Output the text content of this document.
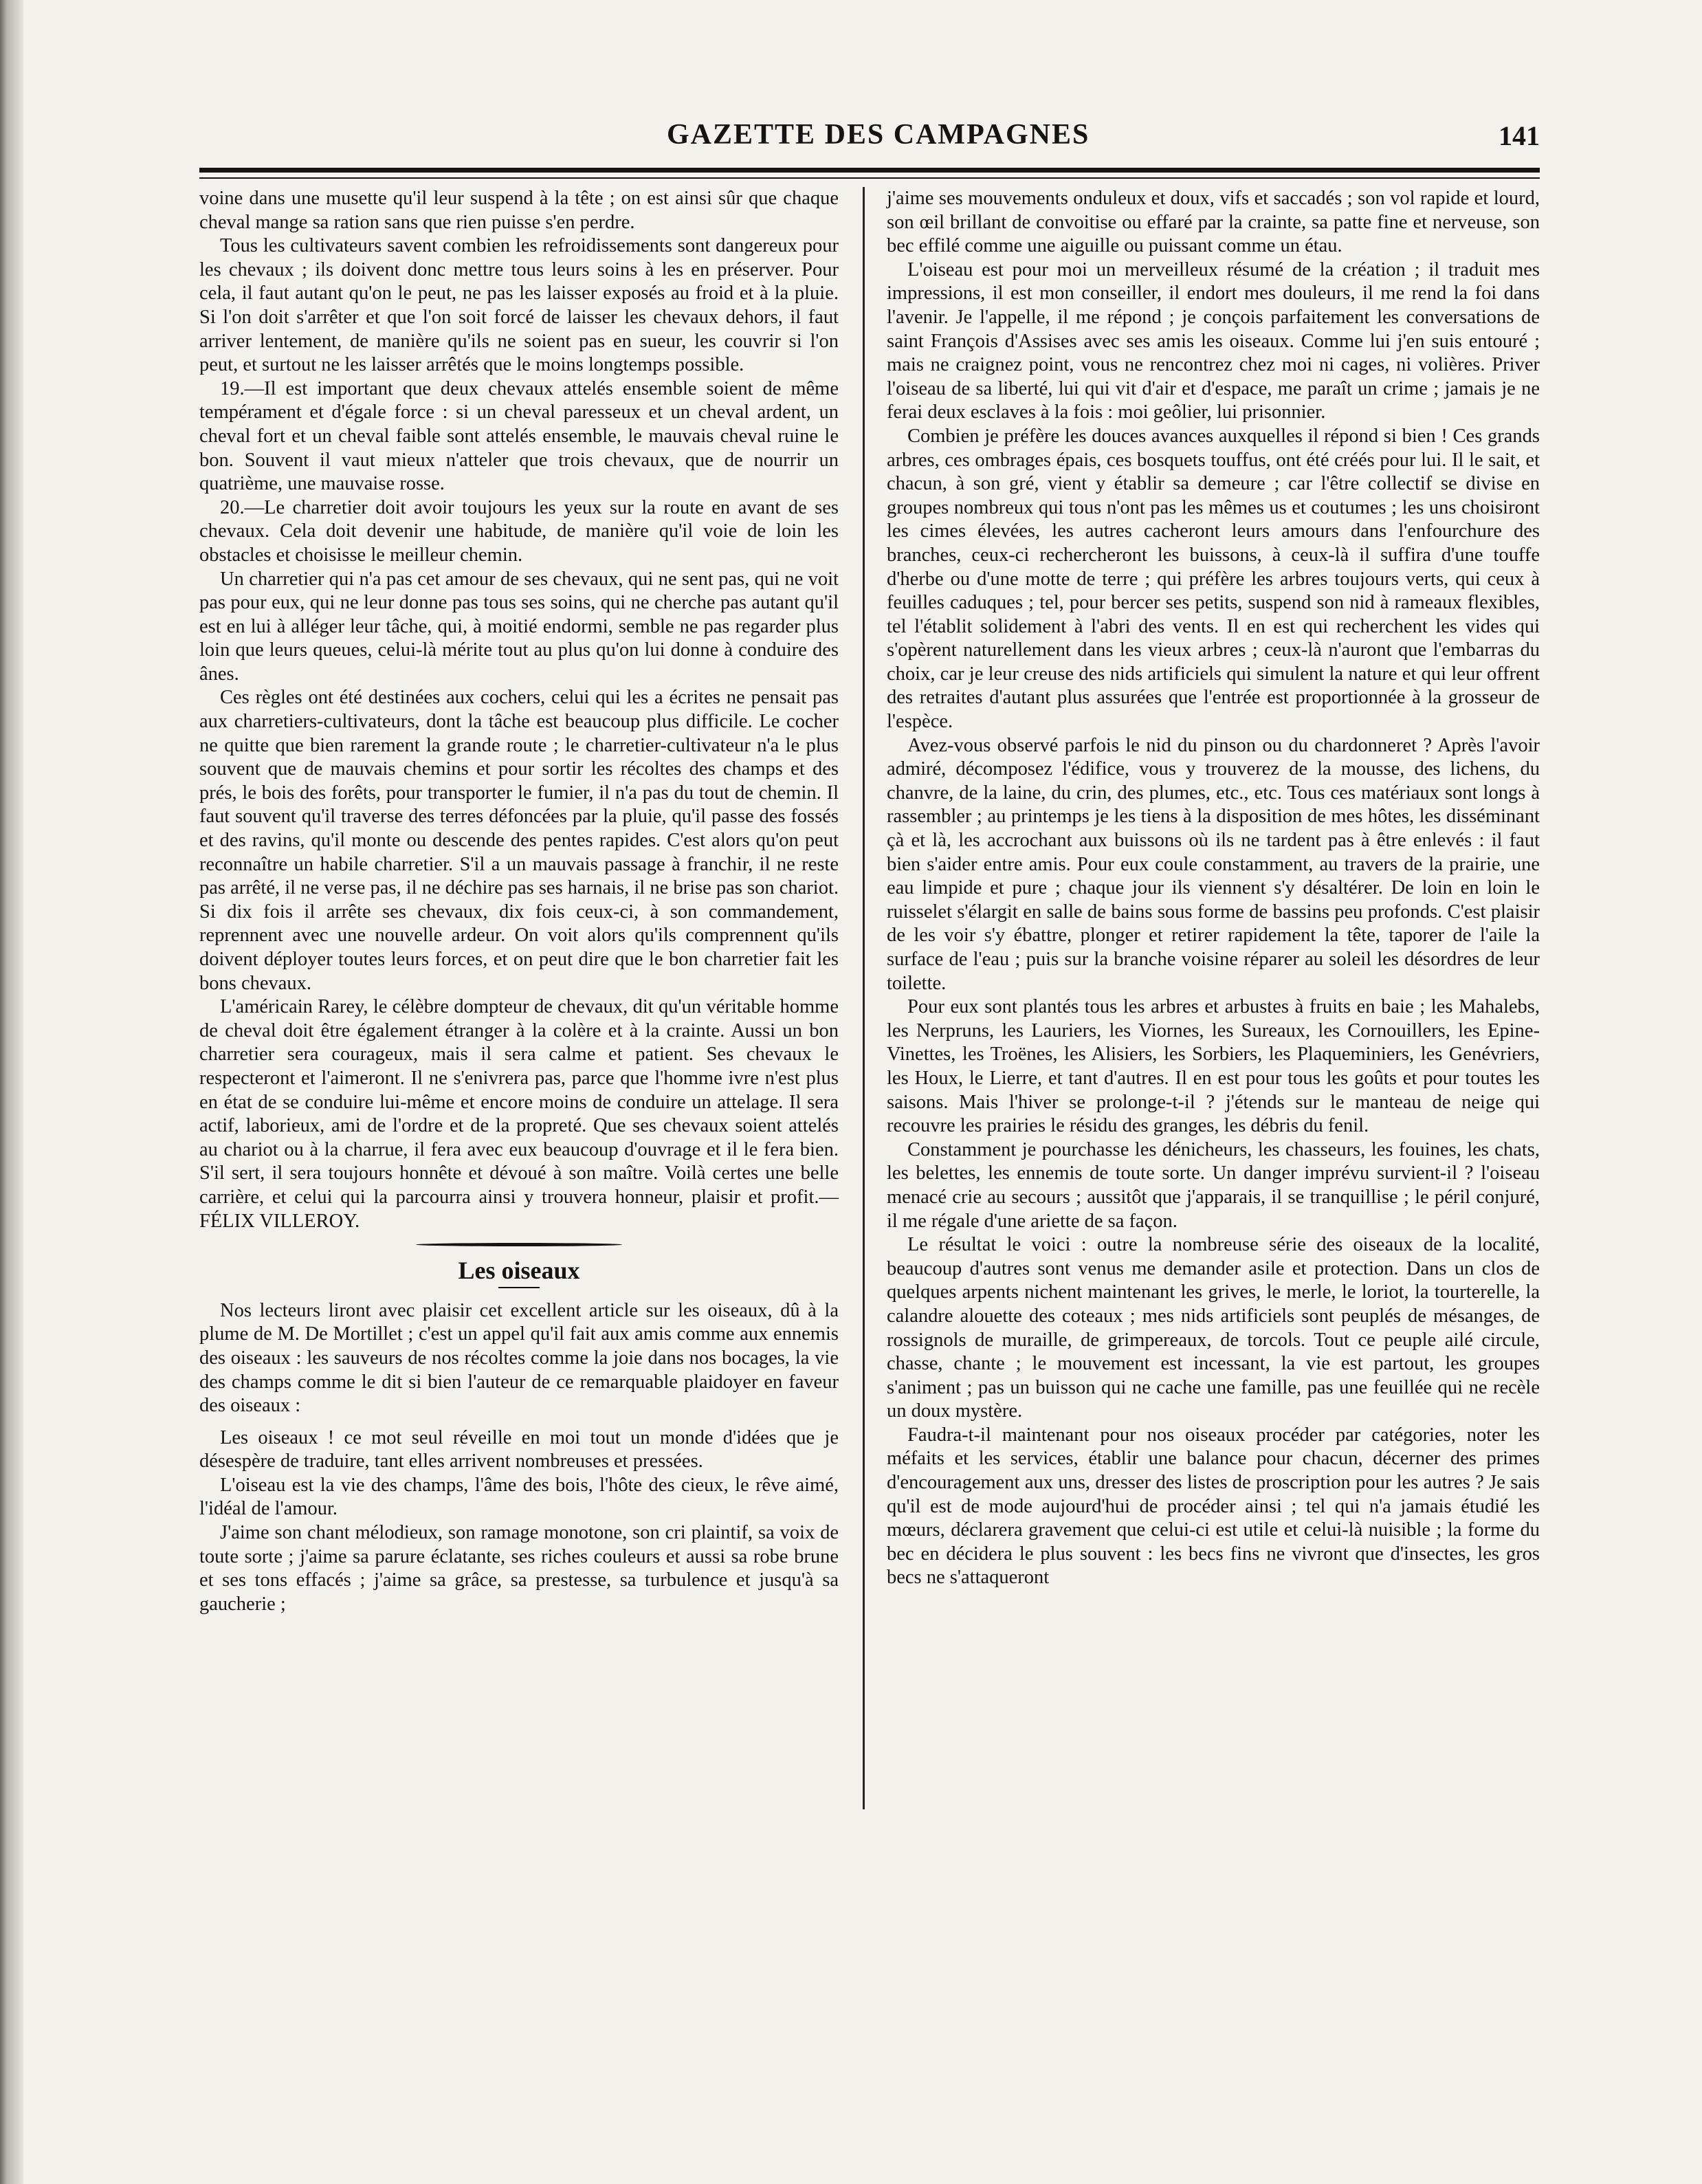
GAZETTE DES CAMPAGNES	141

voine dans une musette qu'il leur suspend à la tête ; on est ainsi sûr que chaque cheval mange sa ration sans que rien puisse s'en perdre.

Tous les cultivateurs savent combien les refroidissements sont dangereux pour les chevaux ; ils doivent donc mettre tous leurs soins à les en préserver. Pour cela, il faut autant qu'on le peut, ne pas les laisser exposés au froid et à la pluie. Si l'on doit s'arrêter et que l'on soit forcé de laisser les chevaux dehors, il faut arriver lentement, de manière qu'ils ne soient pas en sueur, les couvrir si l'on peut, et surtout ne les laisser arrêtés que le moins longtemps possible.

19.—Il est important que deux chevaux attelés ensemble soient de même tempérament et d'égale force : si un cheval paresseux et un cheval ardent, un cheval fort et un cheval faible sont attelés ensemble, le mauvais cheval ruine le bon. Souvent il vaut mieux n'atteler que trois chevaux, que de nourrir un quatrième, une mauvaise rosse.

20.—Le charretier doit avoir toujours les yeux sur la route en avant de ses chevaux. Cela doit devenir une habitude, de manière qu'il voie de loin les obstacles et choisisse le meilleur chemin.

Un charretier qui n'a pas cet amour de ses chevaux, qui ne sent pas, qui ne voit pas pour eux, qui ne leur donne pas tous ses soins, qui ne cherche pas autant qu'il est en lui à alléger leur tâche, qui, à moitié endormi, semble ne pas regarder plus loin que leurs queues, celui-là mérite tout au plus qu'on lui donne à conduire des ânes.

Ces règles ont été destinées aux cochers, celui qui les a écrites ne pensait pas aux charretiers-cultivateurs, dont la tâche est beaucoup plus difficile. Le cocher ne quitte que bien rarement la grande route ; le charretier-cultivateur n'a le plus souvent que de mauvais chemins et pour sortir les récoltes des champs et des prés, le bois des forêts, pour transporter le fumier, il n'a pas du tout de chemin. Il faut souvent qu'il traverse des terres défoncées par la pluie, qu'il passe des fossés et des ravins, qu'il monte ou descende des pentes rapides. C'est alors qu'on peut reconnaître un habile charretier. S'il a un mauvais passage à franchir, il ne reste pas arrêté, il ne verse pas, il ne déchire pas ses harnais, il ne brise pas son chariot. Si dix fois il arrête ses chevaux, dix fois ceux-ci, à son commandement, reprennent avec une nouvelle ardeur. On voit alors qu'ils comprennent qu'ils doivent déployer toutes leurs forces, et on peut dire que le bon charretier fait les bons chevaux.

L'américain Rarey, le célèbre dompteur de chevaux, dit qu'un véritable homme de cheval doit être également étranger à la colère et à la crainte. Aussi un bon charretier sera courageux, mais il sera calme et patient. Ses chevaux le respecteront et l'aimeront. Il ne s'enivrera pas, parce que l'homme ivre n'est plus en état de se conduire lui-même et encore moins de conduire un attelage. Il sera actif, laborieux, ami de l'ordre et de la propreté. Que ses chevaux soient attelés au chariot ou à la charrue, il fera avec eux beaucoup d'ouvrage et il le fera bien. S'il sert, il sera toujours honnête et dévoué à son maître. Voilà certes une belle carrière, et celui qui la parcourra ainsi y trouvera honneur, plaisir et profit.— FÉLIX VILLEROY.

Les oiseaux

Nos lecteurs liront avec plaisir cet excellent article sur les oiseaux, dû à la plume de M. De Mortillet ; c'est un appel qu'il fait aux amis comme aux ennemis des oiseaux : les sauveurs de nos récoltes comme la joie dans nos bocages, la vie des champs comme le dit si bien l'auteur de ce remarquable plaidoyer en faveur des oiseaux :

Les oiseaux ! ce mot seul réveille en moi tout un monde d'idées que je désespère de traduire, tant elles arrivent nombreuses et pressées.

L'oiseau est la vie des champs, l'âme des bois, l'hôte des cieux, le rêve aimé, l'idéal de l'amour.

J'aime son chant mélodieux, son ramage monotone, son cri plaintif, sa voix de toute sorte ; j'aime sa parure éclatante, ses riches couleurs et aussi sa robe brune et ses tons effacés ; j'aime sa grâce, sa prestesse, sa turbulence et jusqu'à sa gaucherie ;

j'aime ses mouvements onduleux et doux, vifs et saccadés ; son vol rapide et lourd, son œil brillant de convoitise ou effaré par la crainte, sa patte fine et nerveuse, son bec effilé comme une aiguille ou puissant comme un étau.

L'oiseau est pour moi un merveilleux résumé de la création ; il traduit mes impressions, il est mon conseiller, il endort mes douleurs, il me rend la foi dans l'avenir. Je l'appelle, il me répond ; je conçois parfaitement les conversations de saint François d'Assises avec ses amis les oiseaux. Comme lui j'en suis entouré ; mais ne craignez point, vous ne rencontrez chez moi ni cages, ni volières. Priver l'oiseau de sa liberté, lui qui vit d'air et d'espace, me paraît un crime ; jamais je ne ferai deux esclaves à la fois : moi geôlier, lui prisonnier.

Combien je préfère les douces avances auxquelles il répond si bien ! Ces grands arbres, ces ombrages épais, ces bosquets touffus, ont été créés pour lui. Il le sait, et chacun, à son gré, vient y établir sa demeure ; car l'être collectif se divise en groupes nombreux qui tous n'ont pas les mêmes us et coutumes ; les uns choisiront les cimes élevées, les autres cacheront leurs amours dans l'enfourchure des branches, ceux-ci rechercheront les buissons, à ceux-là il suffira d'une touffe d'herbe ou d'une motte de terre ; qui préfère les arbres toujours verts, qui ceux à feuilles caduques ; tel, pour bercer ses petits, suspend son nid à rameaux flexibles, tel l'établit solidement à l'abri des vents. Il en est qui recherchent les vides qui s'opèrent naturellement dans les vieux arbres ; ceux-là n'auront que l'embarras du choix, car je leur creuse des nids artificiels qui simulent la nature et qui leur offrent des retraites d'autant plus assurées que l'entrée est proportionnée à la grosseur de l'espèce.

Avez-vous observé parfois le nid du pinson ou du chardonneret ? Après l'avoir admiré, décomposez l'édifice, vous y trouverez de la mousse, des lichens, du chanvre, de la laine, du crin, des plumes, etc., etc. Tous ces matériaux sont longs à rassembler ; au printemps je les tiens à la disposition de mes hôtes, les disséminant çà et là, les accrochant aux buissons où ils ne tardent pas à être enlevés : il faut bien s'aider entre amis. Pour eux coule constamment, au travers de la prairie, une eau limpide et pure ; chaque jour ils viennent s'y désaltérer. De loin en loin le ruisselet s'élargit en salle de bains sous forme de bassins peu profonds. C'est plaisir de les voir s'y ébattre, plonger et retirer rapidement la tête, taporer de l'aile la surface de l'eau ; puis sur la branche voisine réparer au soleil les désordres de leur toilette.

Pour eux sont plantés tous les arbres et arbustes à fruits en baie ; les Mahalebs, les Nerpruns, les Lauriers, les Viornes, les Sureaux, les Cornouillers, les Epine-Vinettes, les Troënes, les Alisiers, les Sorbiers, les Plaqueminiers, les Genévriers, les Houx, le Lierre, et tant d'autres. Il en est pour tous les goûts et pour toutes les saisons. Mais l'hiver se prolonge-t-il ? j'étends sur le manteau de neige qui recouvre les prairies le résidu des granges, les débris du fenil.

Constamment je pourchasse les dénicheurs, les chasseurs, les fouines, les chats, les belettes, les ennemis de toute sorte. Un danger imprévu survient-il ? l'oiseau menacé crie au secours ; aussitôt que j'apparais, il se tranquillise ; le péril conjuré, il me régale d'une ariette de sa façon.

Le résultat le voici : outre la nombreuse série des oiseaux de la localité, beaucoup d'autres sont venus me demander asile et protection. Dans un clos de quelques arpents nichent maintenant les grives, le merle, le loriot, la tourterelle, la calandre alouette des coteaux ; mes nids artificiels sont peuplés de mésanges, de rossignols de muraille, de grimpereaux, de torcols. Tout ce peuple ailé circule, chasse, chante ; le mouvement est incessant, la vie est partout, les groupes s'animent ; pas un buisson qui ne cache une famille, pas une feuillée qui ne recèle un doux mystère.

Faudra-t-il maintenant pour nos oiseaux procéder par catégories, noter les méfaits et les services, établir une balance pour chacun, décerner des primes d'encouragement aux uns, dresser des listes de proscription pour les autres ? Je sais qu'il est de mode aujourd'hui de procéder ainsi ; tel qui n'a jamais étudié les mœurs, déclarera gravement que celui-ci est utile et celui-là nuisible ; la forme du bec en décidera le plus souvent : les becs fins ne vivront que d'insectes, les gros becs ne s'attaqueront
